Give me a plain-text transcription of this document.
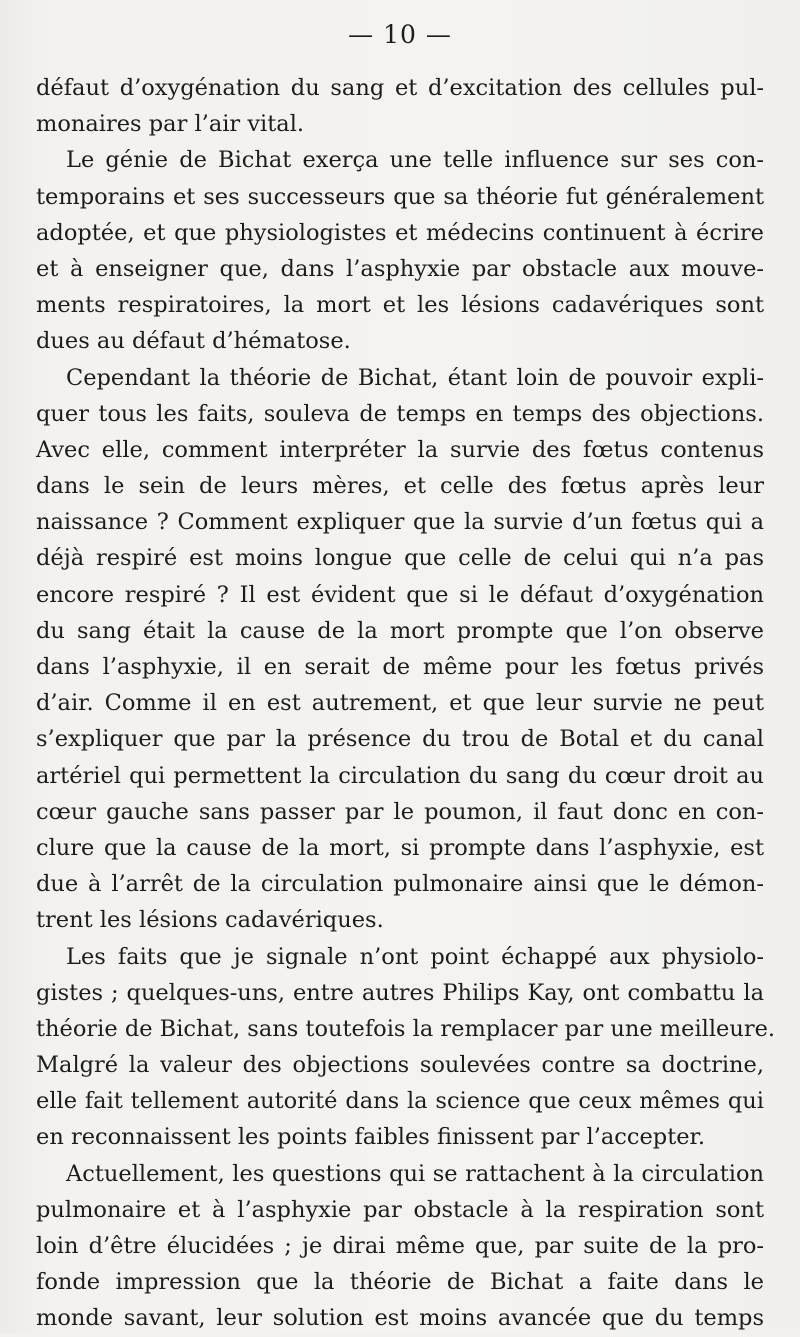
— 10 —
défaut d’oxygénation du sang et d’excitation des cellules pul-
monaires par l’air vital.
Le génie de Bichat exerça une telle influence sur ses con-
temporains et ses successeurs que sa théorie fut généralement
adoptée, et que physiologistes et médecins continuent à écrire
et à enseigner que, dans l’asphyxie par obstacle aux mouve-
ments respiratoires, la mort et les lésions cadavériques sont
dues au défaut d’hématose.
Cependant la théorie de Bichat, étant loin de pouvoir expli-
quer tous les faits, souleva de temps en temps des objections.
Avec elle, comment interpréter la survie des fœtus contenus
dans le sein de leurs mères, et celle des fœtus après leur
naissance ? Comment expliquer que la survie d’un fœtus qui a
déjà respiré est moins longue que celle de celui qui n’a pas
encore respiré ? Il est évident que si le défaut d’oxygénation
du sang était la cause de la mort prompte que l’on observe
dans l’asphyxie, il en serait de même pour les fœtus privés
d’air. Comme il en est autrement, et que leur survie ne peut
s’expliquer que par la présence du trou de Botal et du canal
artériel qui permettent la circulation du sang du cœur droit au
cœur gauche sans passer par le poumon, il faut donc en con-
clure que la cause de la mort, si prompte dans l’asphyxie, est
due à l’arrêt de la circulation pulmonaire ainsi que le démon-
trent les lésions cadavériques.
Les faits que je signale n’ont point échappé aux physiolo-
gistes ; quelques-uns, entre autres Philips Kay, ont combattu la
théorie de Bichat, sans toutefois la remplacer par une meilleure.
Malgré la valeur des objections soulevées contre sa doctrine,
elle fait tellement autorité dans la science que ceux mêmes qui
en reconnaissent les points faibles finissent par l’accepter.
Actuellement, les questions qui se rattachent à la circulation
pulmonaire et à l’asphyxie par obstacle à la respiration sont
loin d’être élucidées ; je dirai même que, par suite de la pro-
fonde impression que la théorie de Bichat a faite dans le
monde savant, leur solution est moins avancée que du temps
